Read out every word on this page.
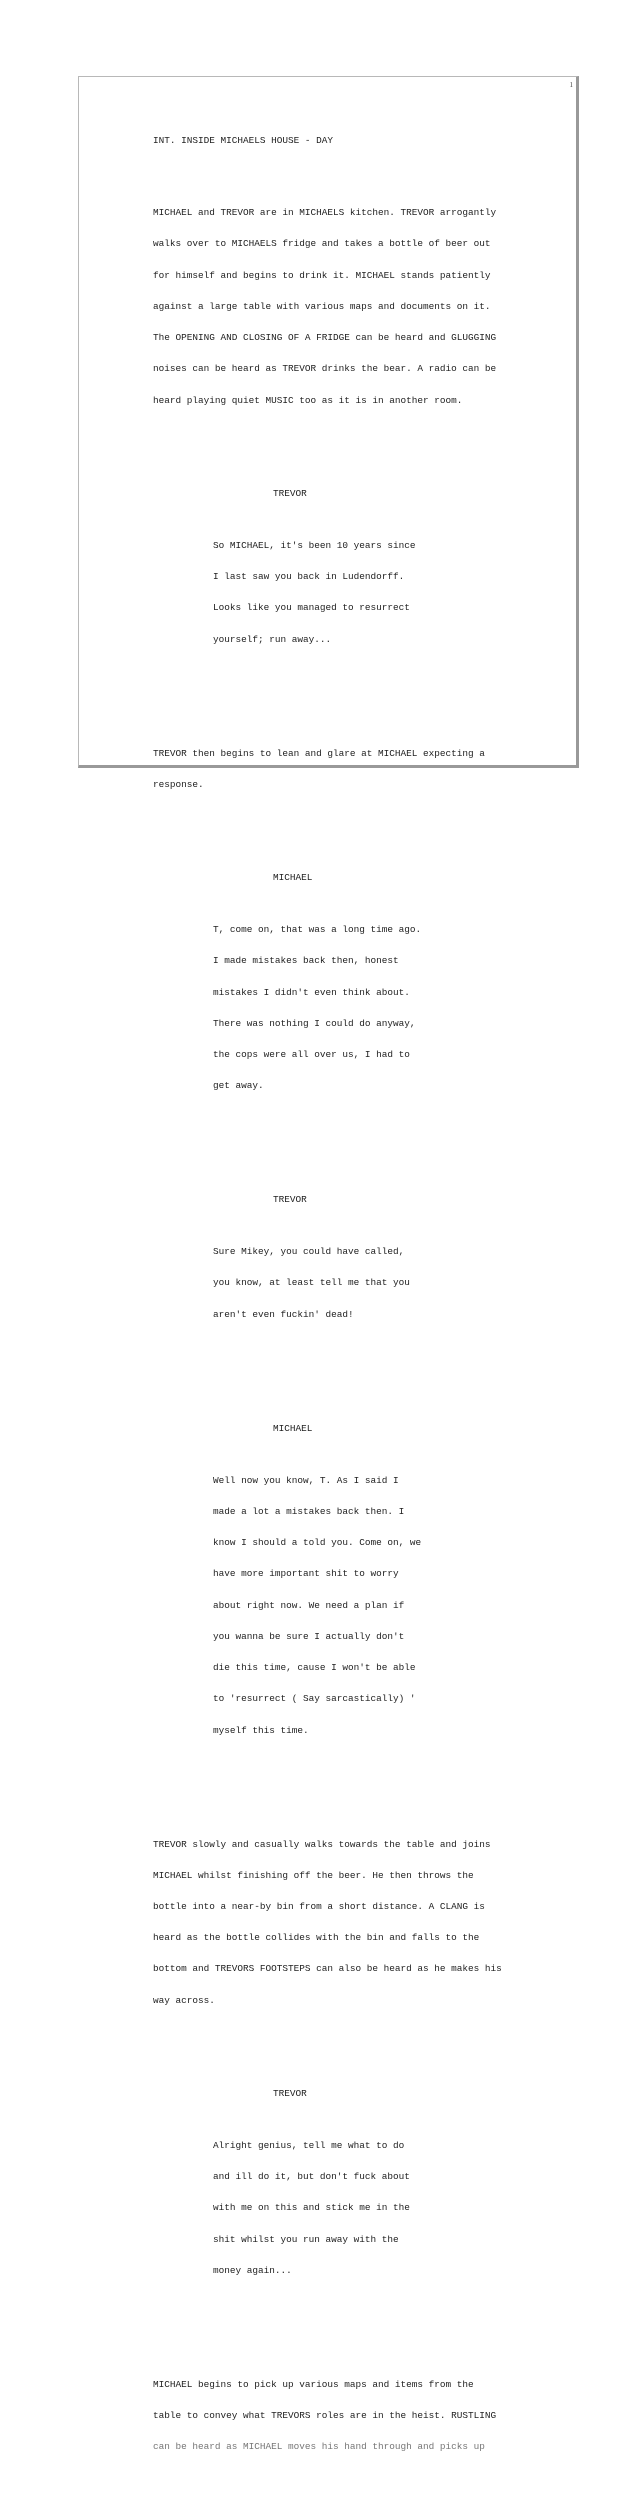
1

INT. INSIDE MICHAELS HOUSE - DAY

MICHAEL and TREVOR are in MICHAELS kitchen. TREVOR arrogantly

walks over to MICHAELS fridge and takes a bottle of beer out

for himself and begins to drink it. MICHAEL stands patiently

against a large table with various maps and documents on it.

The OPENING AND CLOSING OF A FRIDGE can be heard and GLUGGING

noises can be heard as TREVOR drinks the bear. A radio can be

heard playing quiet MUSIC too as it is in another room.

TREVOR

So MICHAEL, it's been 10 years since

I last saw you back in Ludendorff.

Looks like you managed to resurrect

yourself; run away...

TREVOR then begins to lean and glare at MICHAEL expecting a

response.

MICHAEL

T, come on, that was a long time ago.

I made mistakes back then, honest

mistakes I didn't even think about.

There was nothing I could do anyway,

the cops were all over us, I had to

get away.

TREVOR

Sure Mikey, you could have called,

you know, at least tell me that you

aren't even fuckin' dead!

MICHAEL

Well now you know, T. As I said I

made a lot a mistakes back then. I

know I should a told you. Come on, we

have more important shit to worry

about right now. We need a plan if

you wanna be sure I actually don't

die this time, cause I won't be able

to 'resurrect ( Say sarcastically) '

myself this time.

TREVOR slowly and casually walks towards the table and joins

MICHAEL whilst finishing off the beer. He then throws the

bottle into a near-by bin from a short distance. A CLANG is

heard as the bottle collides with the bin and falls to the

bottom and TREVORS FOOTSTEPS can also be heard as he makes his

way across.

TREVOR

Alright genius, tell me what to do

and ill do it, but don't fuck about

with me on this and stick me in the

shit whilst you run away with the

money again...

MICHAEL begins to pick up various maps and items from the

table to convey what TREVORS roles are in the heist. RUSTLING

can be heard as MICHAEL moves his hand through and picks up
